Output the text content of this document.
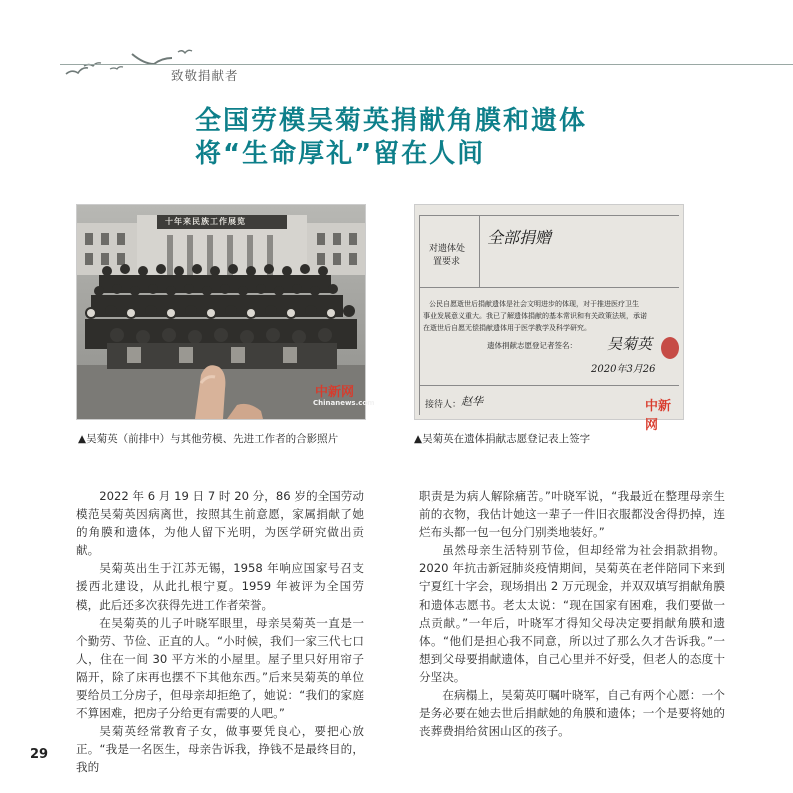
致敬捐献者
全国劳模吴菊英捐献角膜和遗体
将“生命厚礼”留在人间
十年来民族工作展览
中新网
Chinanews.com
▲吴菊英（前排中）与其他劳模、先进工作者的合影照片
对遗体处
置要求
全部捐赠
公民自愿逝世后捐献遗体是社会文明进步的体现，对于推进医疗卫生
事业发展意义重大。我已了解遗体捐献的基本常识和有关政策法规，承诺
在逝世后自愿无偿捐献遗体用于医学教学及科学研究。
遗体捐献志愿登记者签名： 吴菊英
2020年3月26
接待人： 赵华	中新网
▲吴菊英在遗体捐献志愿登记表上签字

2022 年 6 月 19 日 7 时 20 分，86 岁的全国劳动模范吴菊英因病离世，按照其生前意愿，家属捐献了她的角膜和遗体，为他人留下光明，为医学研究做出贡献。

吴菊英出生于江苏无锡，1958 年响应国家号召支援西北建设，从此扎根宁夏。1959 年被评为全国劳模，此后还多次获得先进工作者荣誉。

在吴菊英的儿子叶晓军眼里，母亲吴菊英一直是一个勤劳、节俭、正直的人。“小时候，我们一家三代七口人，住在一间 30 平方米的小屋里。屋子里只好用帘子隔开，除了床再也摆不下其他东西。”后来吴菊英的单位要给员工分房子，但母亲却拒绝了，她说：“我们的家庭不算困难，把房子分给更有需要的人吧。”

吴菊英经常教育子女，做事要凭良心，要把心放正。“我是一名医生，母亲告诉我，挣钱不是最终目的，我的

职责是为病人解除痛苦。”叶晓军说，“我最近在整理母亲生前的衣物，我估计她这一辈子一件旧衣服都没舍得扔掉，连烂布头都一包一包分门别类地装好。”

虽然母亲生活特别节俭，但却经常为社会捐款捐物。2020 年抗击新冠肺炎疫情期间，吴菊英在老伴陪同下来到宁夏红十字会，现场捐出 2 万元现金，并双双填写捐献角膜和遗体志愿书。老太太说：“现在国家有困难，我们要做一点贡献。”一年后，叶晓军才得知父母决定要捐献角膜和遗体。“他们是担心我不同意，所以过了那么久才告诉我。”一想到父母要捐献遗体，自己心里并不好受，但老人的态度十分坚决。

在病榻上，吴菊英叮嘱叶晓军，自己有两个心愿：一个是务必要在她去世后捐献她的角膜和遗体；一个是要将她的丧葬费捐给贫困山区的孩子。

29
